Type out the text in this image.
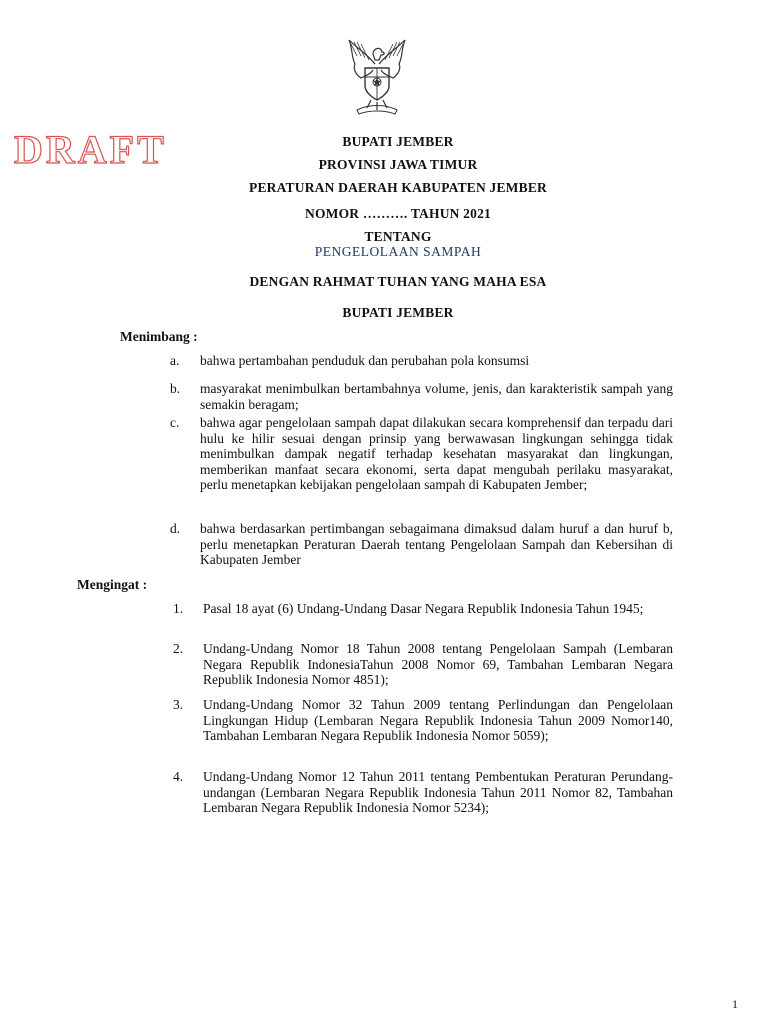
DRAFT	BUPATI JEMBER
PROVINSI JAWA TIMUR
PERATURAN DAERAH KABUPATEN JEMBER
NOMOR ………. TAHUN 2021
TENTANG
PENGELOLAAN SAMPAH
DENGAN RAHMAT TUHAN YANG MAHA ESA
BUPATI JEMBER
Menimbang :
a.	bahwa pertambahan penduduk dan perubahan pola konsumsi
b.	masyarakat menimbulkan bertambahnya volume, jenis, dan karakteristik sampah yang semakin beragam;
c.	bahwa agar pengelolaan sampah dapat dilakukan secara komprehensif dan terpadu dari hulu ke hilir sesuai dengan prinsip yang berwawasan lingkungan sehingga tidak menimbulkan dampak negatif terhadap kesehatan masyarakat dan lingkungan, memberikan manfaat secara ekonomi, serta dapat mengubah perilaku masyarakat, perlu menetapkan kebijakan pengelolaan sampah di Kabupaten Jember;
d.	bahwa berdasarkan pertimbangan sebagaimana dimaksud dalam huruf a dan huruf b, perlu menetapkan Peraturan Daerah tentang Pengelolaan Sampah dan Kebersihan di Kabupaten Jember
Mengingat :
1.	Pasal 18 ayat (6) Undang-Undang Dasar Negara Republik Indonesia Tahun 1945;
2.	Undang-Undang Nomor 18 Tahun 2008 tentang Pengelolaan Sampah (Lembaran Negara Republik IndonesiaTahun 2008 Nomor 69, Tambahan Lembaran Negara Republik Indonesia Nomor 4851);
3.	Undang-Undang Nomor 32 Tahun 2009 tentang Perlindungan dan Pengelolaan Lingkungan Hidup (Lembaran Negara Republik Indonesia Tahun 2009 Nomor140, Tambahan Lembaran Negara Republik Indonesia Nomor 5059);
4.	Undang-Undang Nomor 12 Tahun 2011 tentang Pembentukan Peraturan Perundang-undangan (Lembaran Negara Republik Indonesia Tahun 2011 Nomor 82, Tambahan Lembaran Negara Republik Indonesia Nomor 5234);
1
